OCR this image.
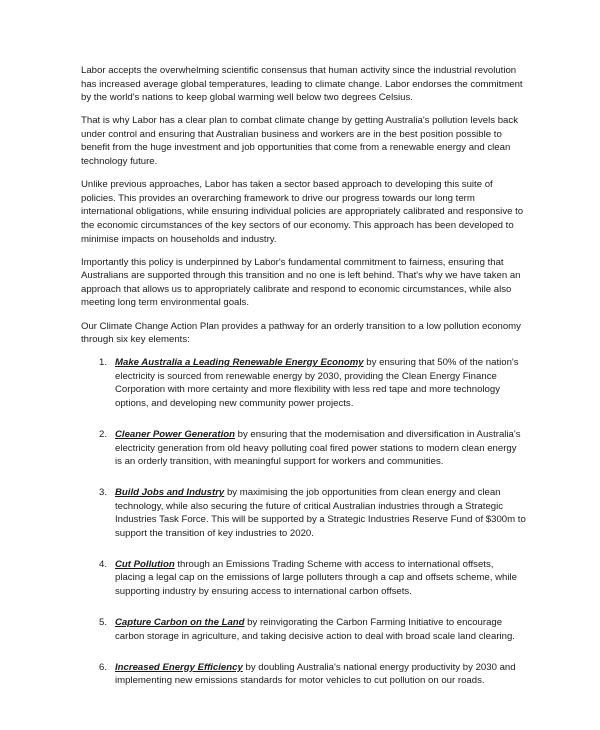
Labor accepts the overwhelming scientific consensus that human activity since the industrial revolution has increased average global temperatures, leading to climate change. Labor endorses the commitment by the world's nations to keep global warming well below two degrees Celsius.

That is why Labor has a clear plan to combat climate change by getting Australia's pollution levels back under control and ensuring that Australian business and workers are in the best position possible to benefit from the huge investment and job opportunities that come from a renewable energy and clean technology future.

Unlike previous approaches, Labor has taken a sector based approach to developing this suite of policies. This provides an overarching framework to drive our progress towards our long term international obligations, while ensuring individual policies are appropriately calibrated and responsive to the economic circumstances of the key sectors of our economy. This approach has been developed to minimise impacts on households and industry.

Importantly this policy is underpinned by Labor's fundamental commitment to fairness, ensuring that Australians are supported through this transition and no one is left behind. That's why we have taken an approach that allows us to appropriately calibrate and respond to economic circumstances, while also meeting long term environmental goals.

Our Climate Change Action Plan provides a pathway for an orderly transition to a low pollution economy through six key elements:

1. Make Australia a Leading Renewable Energy Economy by ensuring that 50% of the nation's electricity is sourced from renewable energy by 2030, providing the Clean Energy Finance Corporation with more certainty and more flexibility with less red tape and more technology options, and developing new community power projects.
2. Cleaner Power Generation by ensuring that the modernisation and diversification in Australia's electricity generation from old heavy polluting coal fired power stations to modern clean energy is an orderly transition, with meaningful support for workers and communities.
3. Build Jobs and Industry by maximising the job opportunities from clean energy and clean technology, while also securing the future of critical Australian industries through a Strategic Industries Task Force. This will be supported by a Strategic Industries Reserve Fund of $300m to support the transition of key industries to 2020.
4. Cut Pollution through an Emissions Trading Scheme with access to international offsets, placing a legal cap on the emissions of large polluters through a cap and offsets scheme, while supporting industry by ensuring access to international carbon offsets.
5. Capture Carbon on the Land by reinvigorating the Carbon Farming Initiative to encourage carbon storage in agriculture, and taking decisive action to deal with broad scale land clearing.
6. Increased Energy Efficiency by doubling Australia's national energy productivity by 2030 and implementing new emissions standards for motor vehicles to cut pollution on our roads.
